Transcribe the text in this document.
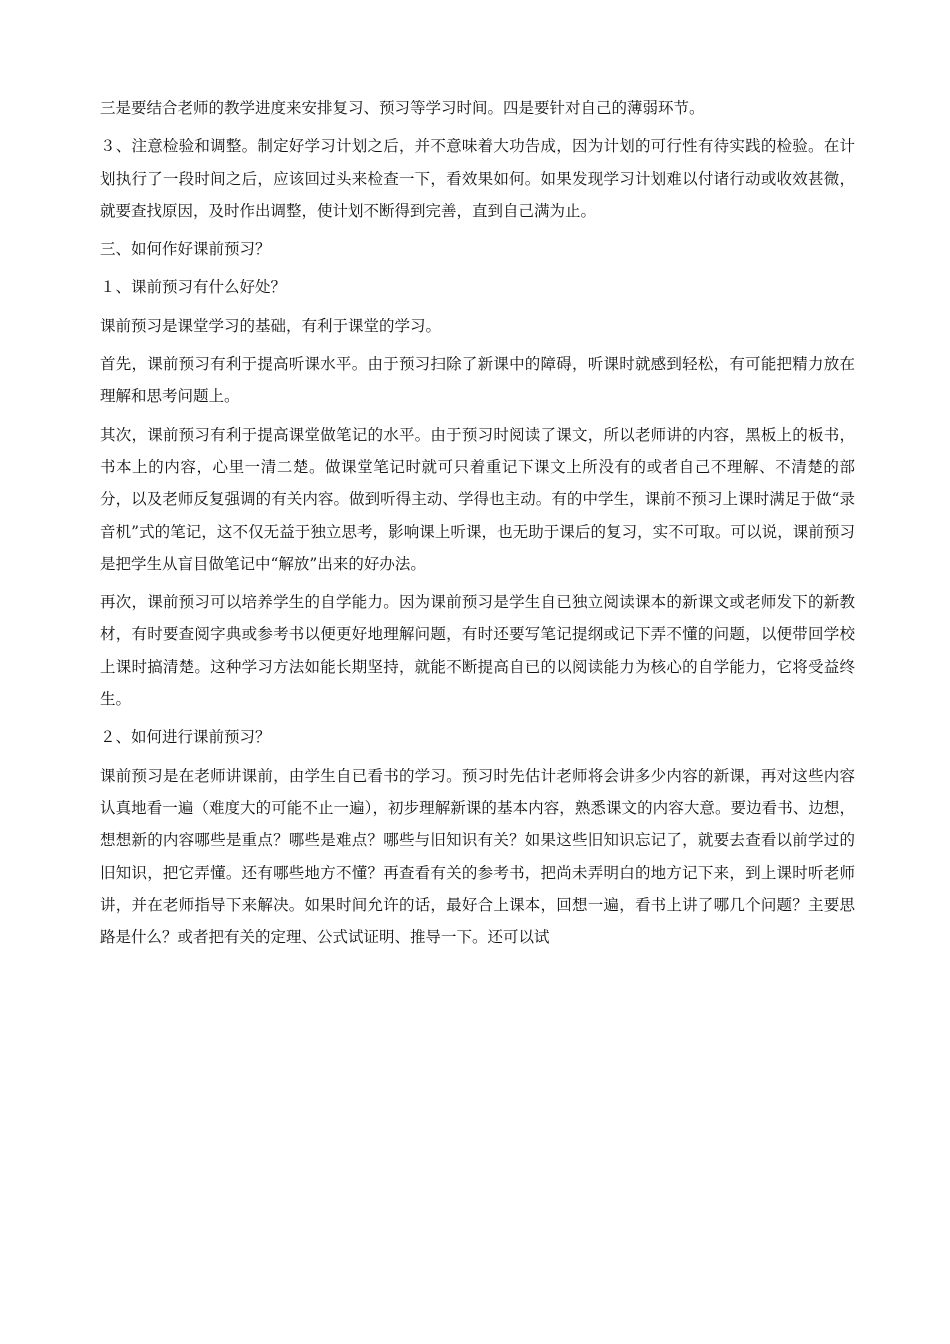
三是要结合老师的教学进度来安排复习、预习等学习时间。四是要针对自己的薄弱环节。

３、注意检验和调整。制定好学习计划之后，并不意味着大功告成，因为计划的可行性有待实践的检验。在计划执行了一段时间之后，应该回过头来检查一下，看效果如何。如果发现学习计划难以付诸行动或收效甚微，就要查找原因，及时作出调整，使计划不断得到完善，直到自己满为止。

三、如何作好课前预习？

１、课前预习有什么好处？

课前预习是课堂学习的基础，有利于课堂的学习。

首先，课前预习有利于提高听课水平。由于预习扫除了新课中的障碍，听课时就感到轻松，有可能把精力放在理解和思考问题上。

其次，课前预习有利于提高课堂做笔记的水平。由于预习时阅读了课文，所以老师讲的内容，黑板上的板书，书本上的内容，心里一清二楚。做课堂笔记时就可只着重记下课文上所没有的或者自己不理解、不清楚的部分，以及老师反复强调的有关内容。做到听得主动、学得也主动。有的中学生，课前不预习上课时满足于做“录音机”式的笔记，这不仅无益于独立思考，影响课上听课，也无助于课后的复习，实不可取。可以说，课前预习是把学生从盲目做笔记中“解放”出来的好办法。

再次，课前预习可以培养学生的自学能力。因为课前预习是学生自已独立阅读课本的新课文或老师发下的新教材，有时要查阅字典或参考书以便更好地理解问题，有时还要写笔记提纲或记下弄不懂的问题，以便带回学校上课时搞清楚。这种学习方法如能长期坚持，就能不断提高自已的以阅读能力为核心的自学能力，它将受益终生。

２、如何进行课前预习？

课前预习是在老师讲课前，由学生自已看书的学习。预习时先估计老师将会讲多少内容的新课，再对这些内容认真地看一遍（难度大的可能不止一遍），初步理解新课的基本内容，熟悉课文的内容大意。要边看书、边想，想想新的内容哪些是重点？哪些是难点？哪些与旧知识有关？如果这些旧知识忘记了，就要去查看以前学过的旧知识，把它弄懂。还有哪些地方不懂？再查看有关的参考书，把尚未弄明白的地方记下来，到上课时听老师讲，并在老师指导下来解决。如果时间允许的话，最好合上课本，回想一遍，看书上讲了哪几个问题？主要思路是什么？或者把有关的定理、公式试证明、推导一下。还可以试
